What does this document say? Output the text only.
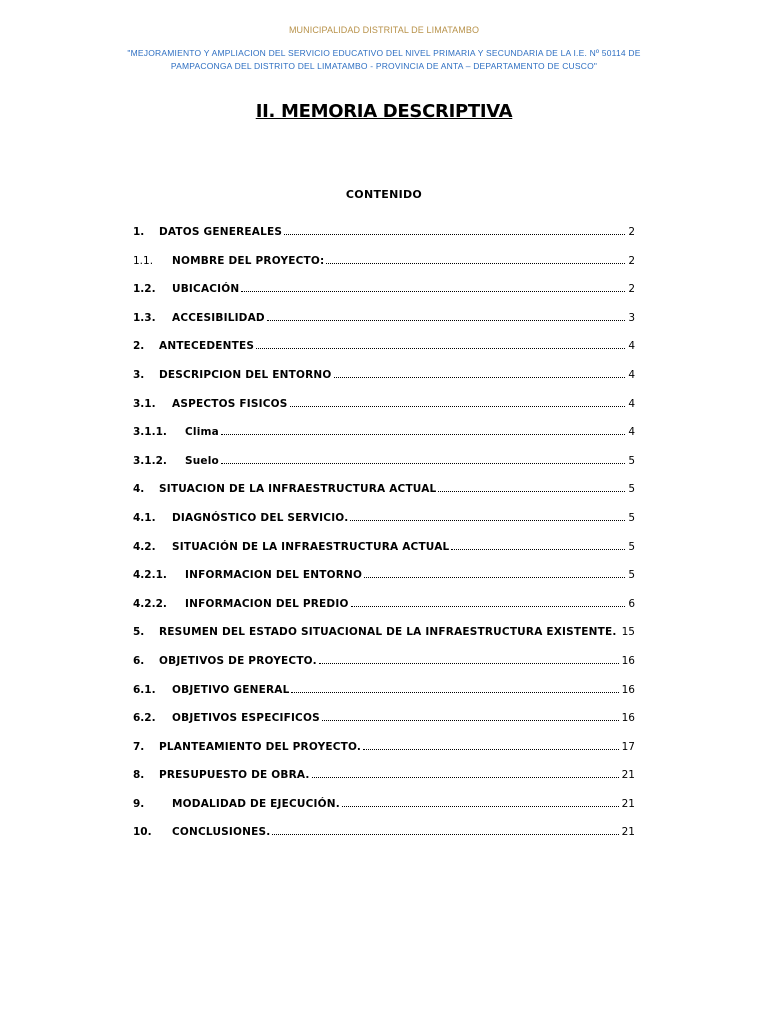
MUNICIPALIDAD DISTRITAL DE LIMATAMBO
"MEJORAMIENTO Y AMPLIACION DEL SERVICIO EDUCATIVO DEL NIVEL PRIMARIA Y SECUNDARIA DE LA I.E. Nº 50114 DE PAMPACONGA DEL DISTRITO DEL LIMATAMBO - PROVINCIA DE ANTA – DEPARTAMENTO DE CUSCO"
II. MEMORIA DESCRIPTIVA
CONTENIDO
1.	DATOS GENEREALES	2
1.1.	NOMBRE DEL PROYECTO:	2
1.2.	UBICACIÓN	2
1.3.	ACCESIBILIDAD	3
2.	ANTECEDENTES	4
3.	DESCRIPCION DEL ENTORNO	4
3.1.	ASPECTOS FISICOS	4
3.1.1.	Clima	4
3.1.2.	Suelo	5
4.	SITUACION DE LA INFRAESTRUCTURA ACTUAL	5
4.1.	DIAGNÓSTICO DEL SERVICIO.	5
4.2.	SITUACIÓN DE LA INFRAESTRUCTURA ACTUAL	5
4.2.1.	INFORMACION DEL ENTORNO	5
4.2.2.	INFORMACION DEL PREDIO	6
5.	RESUMEN DEL ESTADO SITUACIONAL DE LA INFRAESTRUCTURA EXISTENTE. 15
6.	OBJETIVOS DE PROYECTO.	16
6.1.	OBJETIVO GENERAL	16
6.2.	OBJETIVOS ESPECIFICOS	16
7.	PLANTEAMIENTO DEL PROYECTO.	17
8.	PRESUPUESTO DE OBRA.	21
9.	MODALIDAD DE EJECUCIÓN.	21
10.	CONCLUSIONES.	21
